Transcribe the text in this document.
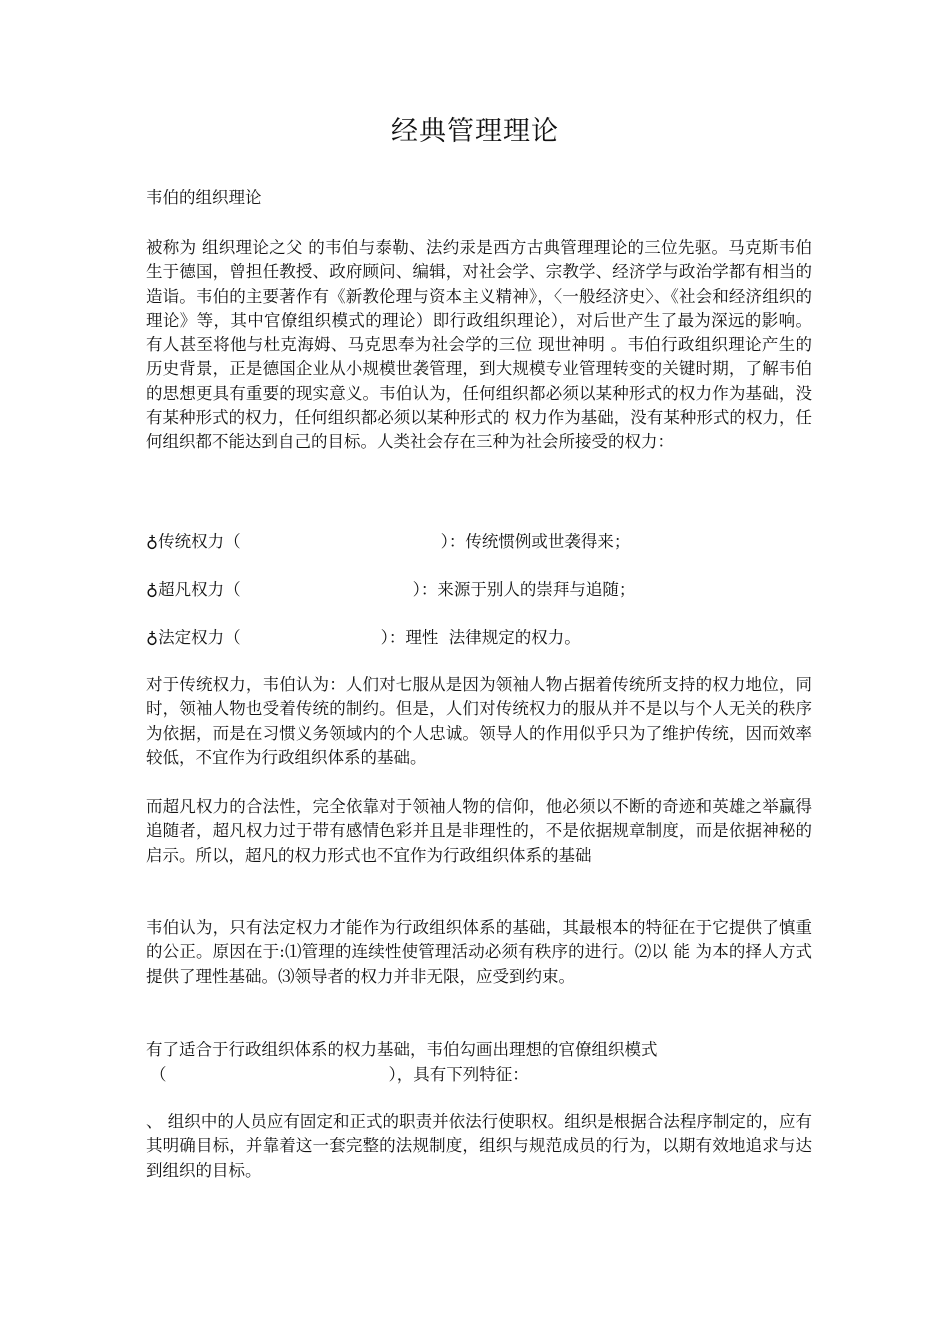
经典管理理论
韦伯的组织理论
被称为 组织理论之父 的韦伯与泰勒、法约汞是西方古典管理理论的三位先驱。马克斯韦伯生于德国，曾担任教授、政府顾问、编辑，对社会学、宗教学、经济学与政治学都有相当的造诣。韦伯的主要著作有《新教伦理与资本主义精神》，〈一般经济史〉、《社会和经济组织的理论》等，其中官僚组织模式的理论）即行政组织理论），对后世产生了最为深远的影响。有人甚至将他与杜克海姆、马克思奉为社会学的三位 现世神明 。韦伯行政组织理论产生的历史背景，正是德国企业从小规模世袭管理，到大规模专业管理转变的关键时期，了解韦伯的思想更具有重要的现实意义。韦伯认为，任何组织都必须以某种形式的权力作为基础，没有某种形式的权力，任何组织都必须以某种形式的 权力作为基础，没有某种形式的权力，任何组织都不能达到自己的目标。人类社会存在三种为社会所接受的权力：
♁传统权力（	）：传统惯例或世袭得来；
♁超凡权力（	）：来源于别人的崇拜与追随；
♁法定权力（	）：理性  法律规定的权力。
对于传统权力，韦伯认为：人们对七服从是因为领袖人物占据着传统所支持的权力地位，同时，领袖人物也受着传统的制约。但是，人们对传统权力的服从并不是以与个人无关的秩序为依据，而是在习惯义务领域内的个人忠诚。领导人的作用似乎只为了维护传统，因而效率较低，不宜作为行政组织体系的基础。
而超凡权力的合法性，完全依靠对于领袖人物的信仰，他必须以不断的奇迹和英雄之举赢得追随者，超凡权力过于带有感情色彩并且是非理性的，不是依据规章制度，而是依据神秘的启示。所以，超凡的权力形式也不宜作为行政组织体系的基础
韦伯认为，只有法定权力才能作为行政组织体系的基础，其最根本的特征在于它提供了慎重的公正。原因在于:⑴管理的连续性使管理活动必须有秩序的进行。⑵以 能 为本的择人方式提供了理性基础。⑶领导者的权力并非无限，应受到约束。
有了适合于行政组织体系的权力基础，韦伯勾画出理想的官僚组织模式
（	），具有下列特征：
、 组织中的人员应有固定和正式的职责并依法行使职权。组织是根据合法程序制定的，应有其明确目标，并靠着这一套完整的法规制度，组织与规范成员的行为，以期有效地追求与达到组织的目标。
